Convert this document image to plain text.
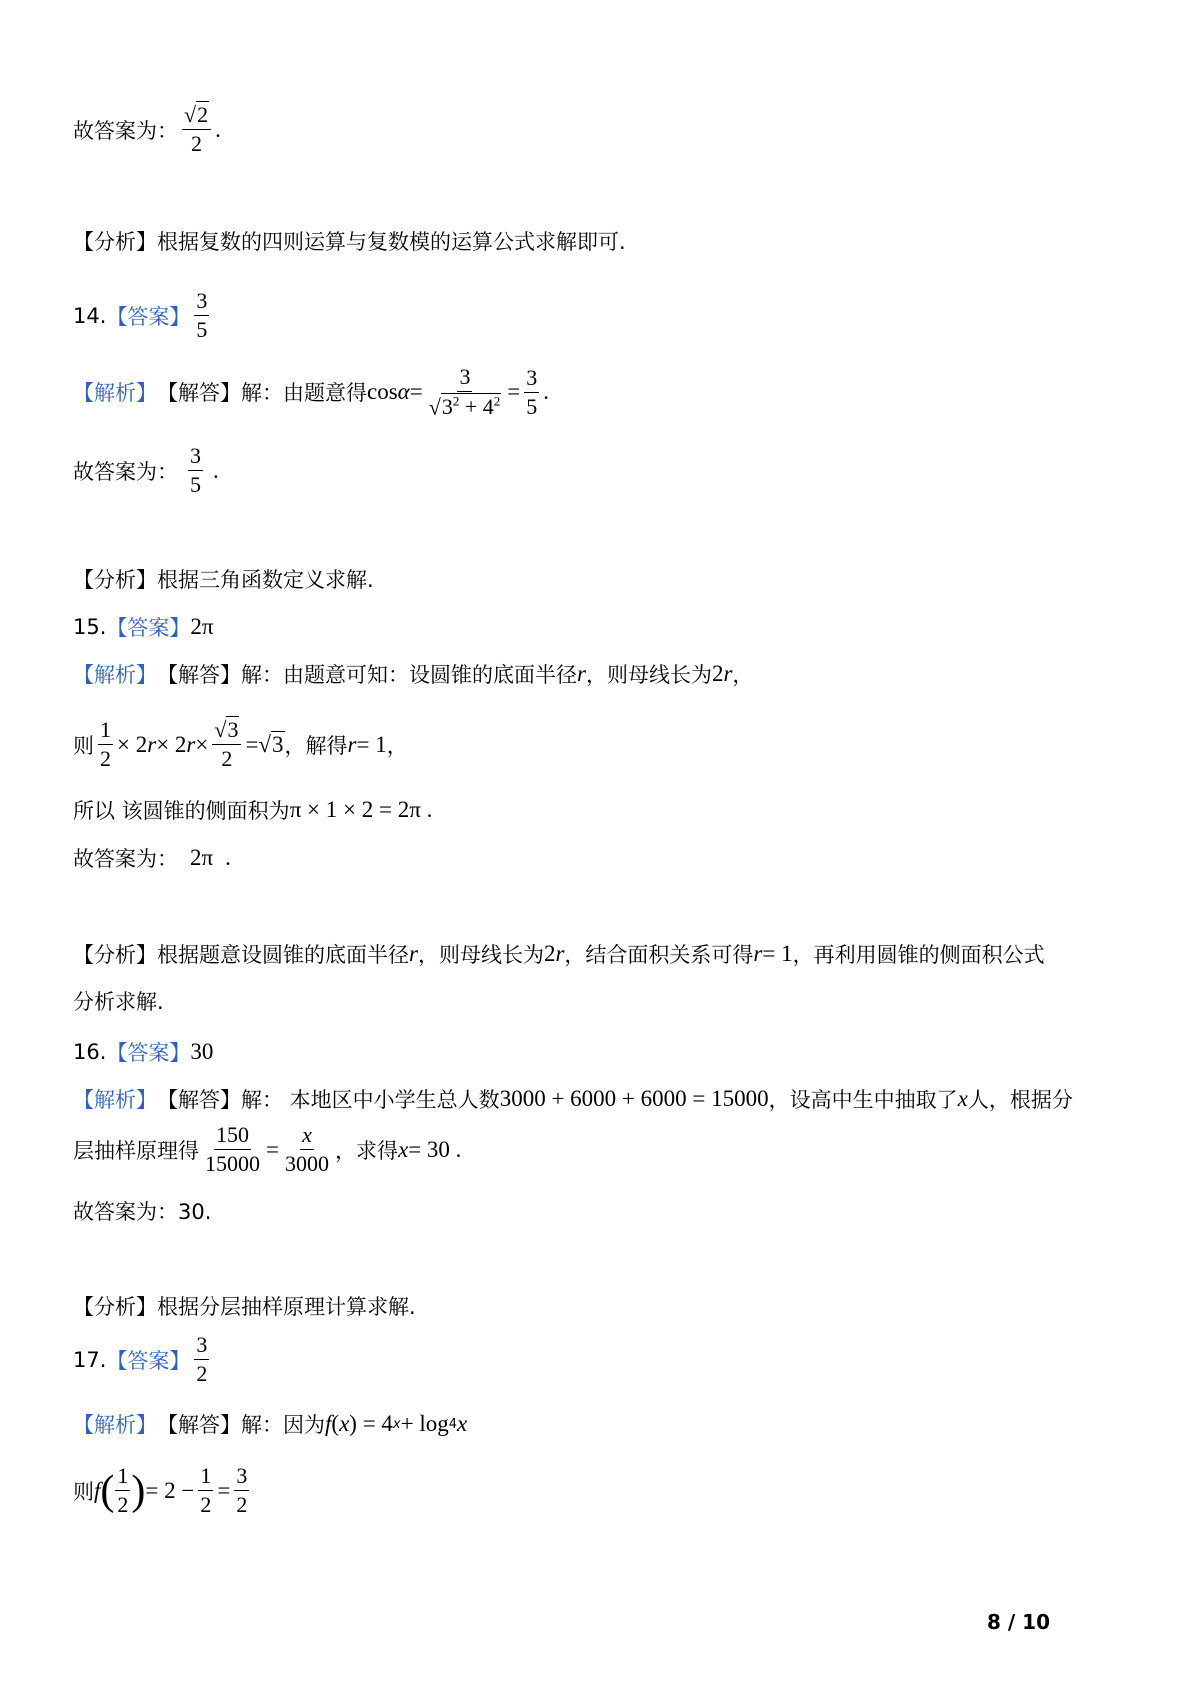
故答案为： $\frac{√2}{2}$ .
【分析】 根据复数的四则运算与复数模的运算公式求解即可.
14. 【答案】 $\frac{3}{5}$
【解析】 【解答】 解：由题意得 $\cos \alpha = \frac{3}{√3^2 + 4^2} = \frac{3}{5}$ .
故答案为： $\frac{3}{5}$ .
【分析】 根据三角函数定义求解.
15. 【答案】 2π
【解析】 【解答】 解：由题意可知：设圆锥的底面半径 r ，则母线长为 2 r ，
则 $\frac{1}{2} \times 2$ r × 2 $r \times \frac{√3}{2} = √3$ ，解得 r = 1 ，
所以 该圆锥的侧面积为 π × 1 × 2 = 2π .
故答案为： 2π .
【分析】 根据题意设圆锥的底面半径 r ，则母线长为 2 r ，结合面积关系可得 r = 1 ，再利用圆锥的侧面积公式
分析求解.
16. 【答案】 30
【解析】 【解答】 解： 本地区中小学生总人数 3000 + 6000 + 6000 = 15000 ，设高中生中抽取了 x 人，根据分
层抽样原理得 $\frac{150}{15000} = \frac{x}{3000}$ ，求得 x = 30 .
故答案为：30.
【分析】 根据分层抽样原理计算求解.
17. 【答案】 $\frac{3}{2}$
【解析】 【解答】 解：因为 f ( x ) = 4 x + log 4 x
则 f ( $\frac{1}{2}$ ) = $2 - \frac{1}{2} = \frac{3}{2}$
8 / 10
